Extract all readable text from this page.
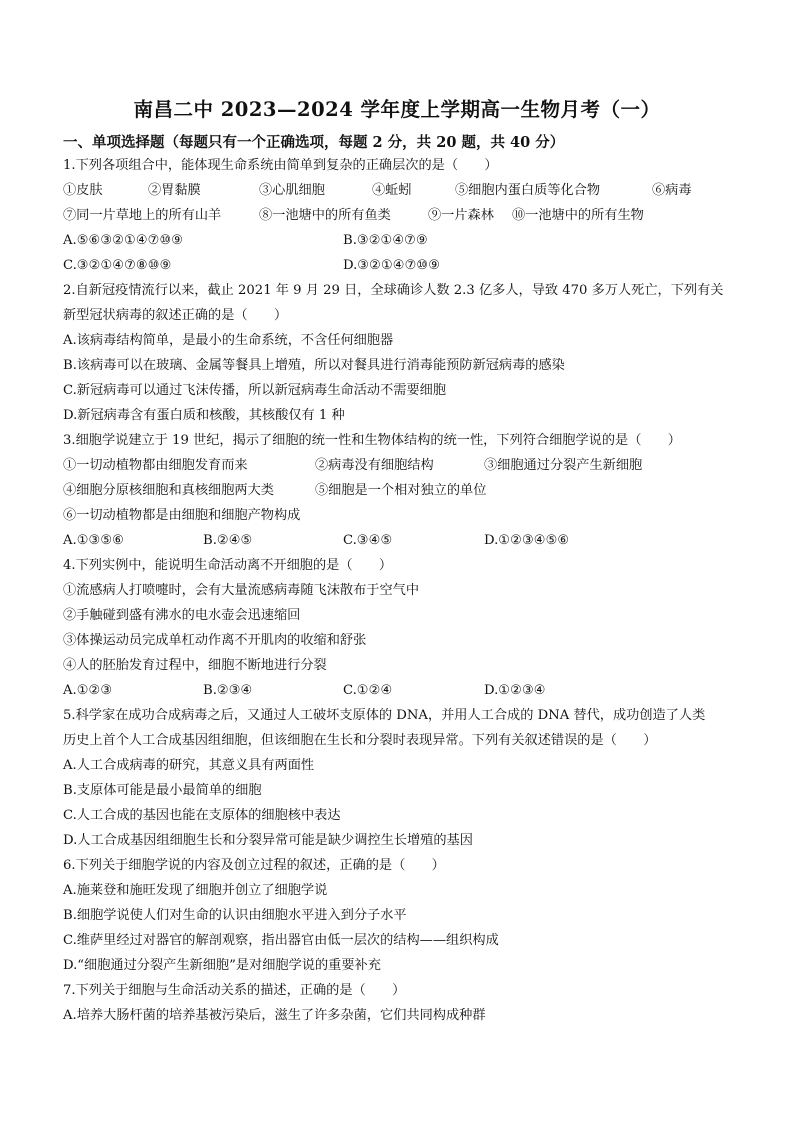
南昌二中 2023—2024 学年度上学期高一生物月考（一）
一、单项选择题（每题只有一个正确选项，每题 2 分，共 20 题，共 40 分）
1.下列各项组合中，能体现生命系统由简单到复杂的正确层次的是（　　）
①皮肤	②胃黏膜	③心肌细胞	④蚯蚓	⑤细胞内蛋白质等化合物	⑥病毒
⑦同一片草地上的所有山羊	⑧一池塘中的所有鱼类	⑨一片森林 ⑩一池塘中的所有生物
A.⑤⑥③②①④⑦⑩⑨	B.③②①④⑦⑨
C.③②①④⑦⑧⑩⑨	D.③②①④⑦⑩⑨
2.自新冠疫情流行以来，截止 2021 年 9 月 29 日，全球确诊人数 2.3 亿多人，导致 470 多万人死亡，下列有关
新型冠状病毒的叙述正确的是（　　）
A.该病毒结构简单，是最小的生命系统，不含任何细胞器
B.该病毒可以在玻璃、金属等餐具上增殖，所以对餐具进行消毒能预防新冠病毒的感染
C.新冠病毒可以通过飞沫传播，所以新冠病毒生命活动不需要细胞
D.新冠病毒含有蛋白质和核酸，其核酸仅有 1 种
3.细胞学说建立于 19 世纪，揭示了细胞的统一性和生物体结构的统一性，下列符合细胞学说的是（　　）
①一切动植物都由细胞发育而来	②病毒没有细胞结构	③细胞通过分裂产生新细胞
④细胞分原核细胞和真核细胞两大类	⑤细胞是一个相对独立的单位
⑥一切动植物都是由细胞和细胞产物构成
A.①③⑤⑥	B.②④⑤	C.③④⑤	D.①②③④⑤⑥
4.下列实例中，能说明生命活动离不开细胞的是（　　）
①流感病人打喷嚏时，会有大量流感病毒随飞沫散布于空气中
②手触碰到盛有沸水的电水壶会迅速缩回
③体操运动员完成单杠动作离不开肌肉的收缩和舒张
④人的胚胎发育过程中，细胞不断地进行分裂
A.①②③	B.②③④	C.①②④	D.①②③④
5.科学家在成功合成病毒之后，又通过人工破坏支原体的 DNA，并用人工合成的 DNA 替代，成功创造了人类
历史上首个人工合成基因组细胞，但该细胞在生长和分裂时表现异常。下列有关叙述错误的是（　　）
A.人工合成病毒的研究，其意义具有两面性
B.支原体可能是最小最简单的细胞
C.人工合成的基因也能在支原体的细胞核中表达
D.人工合成基因组细胞生长和分裂异常可能是缺少调控生长增殖的基因
6.下列关于细胞学说的内容及创立过程的叙述，正确的是（　　）
A.施莱登和施旺发现了细胞并创立了细胞学说
B.细胞学说使人们对生命的认识由细胞水平进入到分子水平
C.维萨里经过对器官的解剖观察，指出器官由低一层次的结构——组织构成
D.“细胞通过分裂产生新细胞”是对细胞学说的重要补充
7.下列关于细胞与生命活动关系的描述，正确的是（　　）
A.培养大肠杆菌的培养基被污染后，滋生了许多杂菌，它们共同构成种群
